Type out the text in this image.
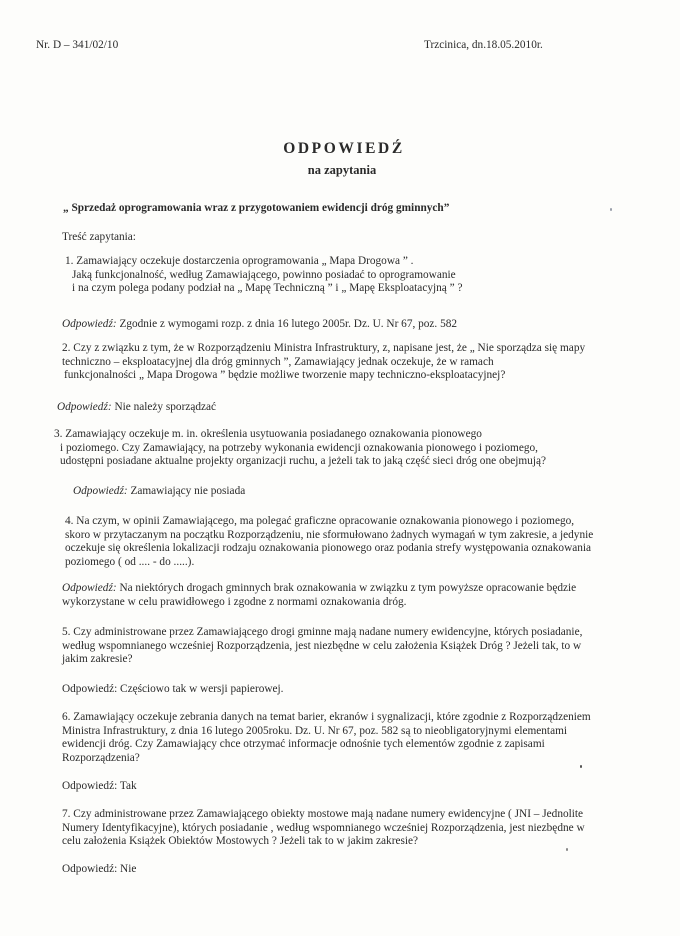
Nr. D – 341/02/10	Trzcinica, dn.18.05.2010r.
ODPOWIEDŹ
na zapytania
„ Sprzedaż oprogramowania wraz z przygotowaniem ewidencji dróg gminnych”
Treść zapytania:
1. Zamawiający oczekuje dostarczenia oprogramowania „ Mapa Drogowa ” .
Jaką funkcjonalność, według Zamawiającego, powinno posiadać to oprogramowanie
i na czym polega podany podział na „ Mapę Techniczną ” i „ Mapę Eksploatacyjną ” ?
Odpowiedź: Zgodnie z wymogami rozp. z dnia 16 lutego 2005r. Dz. U. Nr 67, poz. 582
2. Czy z związku z tym, że w Rozporządzeniu Ministra Infrastruktury, z, napisane jest, że „ Nie sporządza się mapy
techniczno – eksploatacyjnej dla dróg gminnych ”, Zamawiający jednak oczekuje, że w ramach
funkcjonalności „ Mapa Drogowa ” będzie możliwe tworzenie mapy techniczno-eksploatacyjnej?
Odpowiedź: Nie należy sporządzać
3. Zamawiający oczekuje m. in. określenia usytuowania posiadanego oznakowania pionowego
i poziomego. Czy Zamawiający, na potrzeby wykonania ewidencji oznakowania pionowego i poziomego,
udostępni posiadane aktualne projekty organizacji ruchu, a jeżeli tak to jaką część sieci dróg one obejmują?
Odpowiedź: Zamawiający nie posiada
4. Na czym, w opinii Zamawiającego, ma polegać graficzne opracowanie oznakowania pionowego i poziomego,
skoro w przytaczanym na początku Rozporządzeniu, nie sformułowano żadnych wymagań w tym zakresie, a jedynie
oczekuje się określenia lokalizacji rodzaju oznakowania pionowego oraz podania strefy występowania oznakowania
poziomego ( od .... - do .....).
Odpowiedź: Na niektórych drogach gminnych brak oznakowania w związku z tym powyższe opracowanie będzie
wykorzystane w celu prawidłowego i zgodne z normami oznakowania dróg.
5. Czy administrowane przez Zamawiającego drogi gminne mają nadane numery ewidencyjne, których posiadanie,
według wspomnianego wcześniej Rozporządzenia, jest niezbędne w celu założenia Książek Dróg ? Jeżeli tak, to w
jakim zakresie?
Odpowiedź: Częściowo tak w wersji papierowej.
6. Zamawiający oczekuje zebrania danych na temat barier, ekranów i sygnalizacji, które zgodnie z Rozporządzeniem
Ministra Infrastruktury, z dnia 16 lutego 2005roku. Dz. U. Nr 67, poz. 582 są to nieobligatoryjnymi elementami
ewidencji dróg. Czy Zamawiający chce otrzymać informacje odnośnie tych elementów zgodnie z zapisami
Rozporządzenia?
Odpowiedź: Tak
7. Czy administrowane przez Zamawiającego obiekty mostowe mają nadane numery ewidencyjne ( JNI – Jednolite
Numery Identyfikacyjne), których posiadanie , według wspomnianego wcześniej Rozporządzenia, jest niezbędne w
celu założenia Książek Obiektów Mostowych ? Jeżeli tak to w jakim zakresie?
Odpowiedź: Nie
